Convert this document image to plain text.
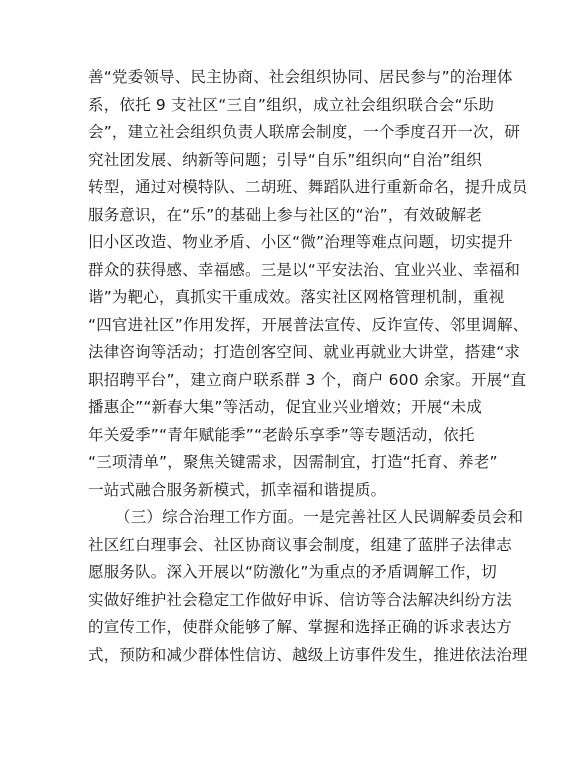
善“党委领导、民主协商、社会组织协同、居民参与”的治理体
系，依托 9 支社区“三自”组织，成立社会组织联合会“乐助
会”，建立社会组织负责人联席会制度，一个季度召开一次，研
究社团发展、纳新等问题；引导“自乐”组织向“自治”组织
转型，通过对模特队、二胡班、舞蹈队进行重新命名，提升成员
服务意识，在“乐”的基础上参与社区的“治”，有效破解老
旧小区改造、物业矛盾、小区“微”治理等难点问题，切实提升
群众的获得感、幸福感。三是以“平安法治、宜业兴业、幸福和
谐”为靶心，真抓实干重成效。落实社区网格管理机制，重视
“四官进社区”作用发挥，开展普法宣传、反诈宣传、邻里调解、
法律咨询等活动；打造创客空间、就业再就业大讲堂，搭建“求
职招聘平台”，建立商户联系群 3 个，商户 600 余家。开展“直
播惠企”“新春大集”等活动，促宜业兴业增效；开展“未成
年关爱季”“青年赋能季”“老龄乐享季”等专题活动，依托
“三项清单”，聚焦关键需求，因需制宜，打造“托育、养老”
一站式融合服务新模式，抓幸福和谐提质。
（三）综合治理工作方面。一是完善社区人民调解委员会和
社区红白理事会、社区协商议事会制度，组建了蓝胖子法律志
愿服务队。深入开展以“防激化”为重点的矛盾调解工作，切
实做好维护社会稳定工作做好申诉、信访等合法解决纠纷方法
的宣传工作，使群众能够了解、掌握和选择正确的诉求表达方
式，预防和减少群体性信访、越级上访事件发生，推进依法治理
